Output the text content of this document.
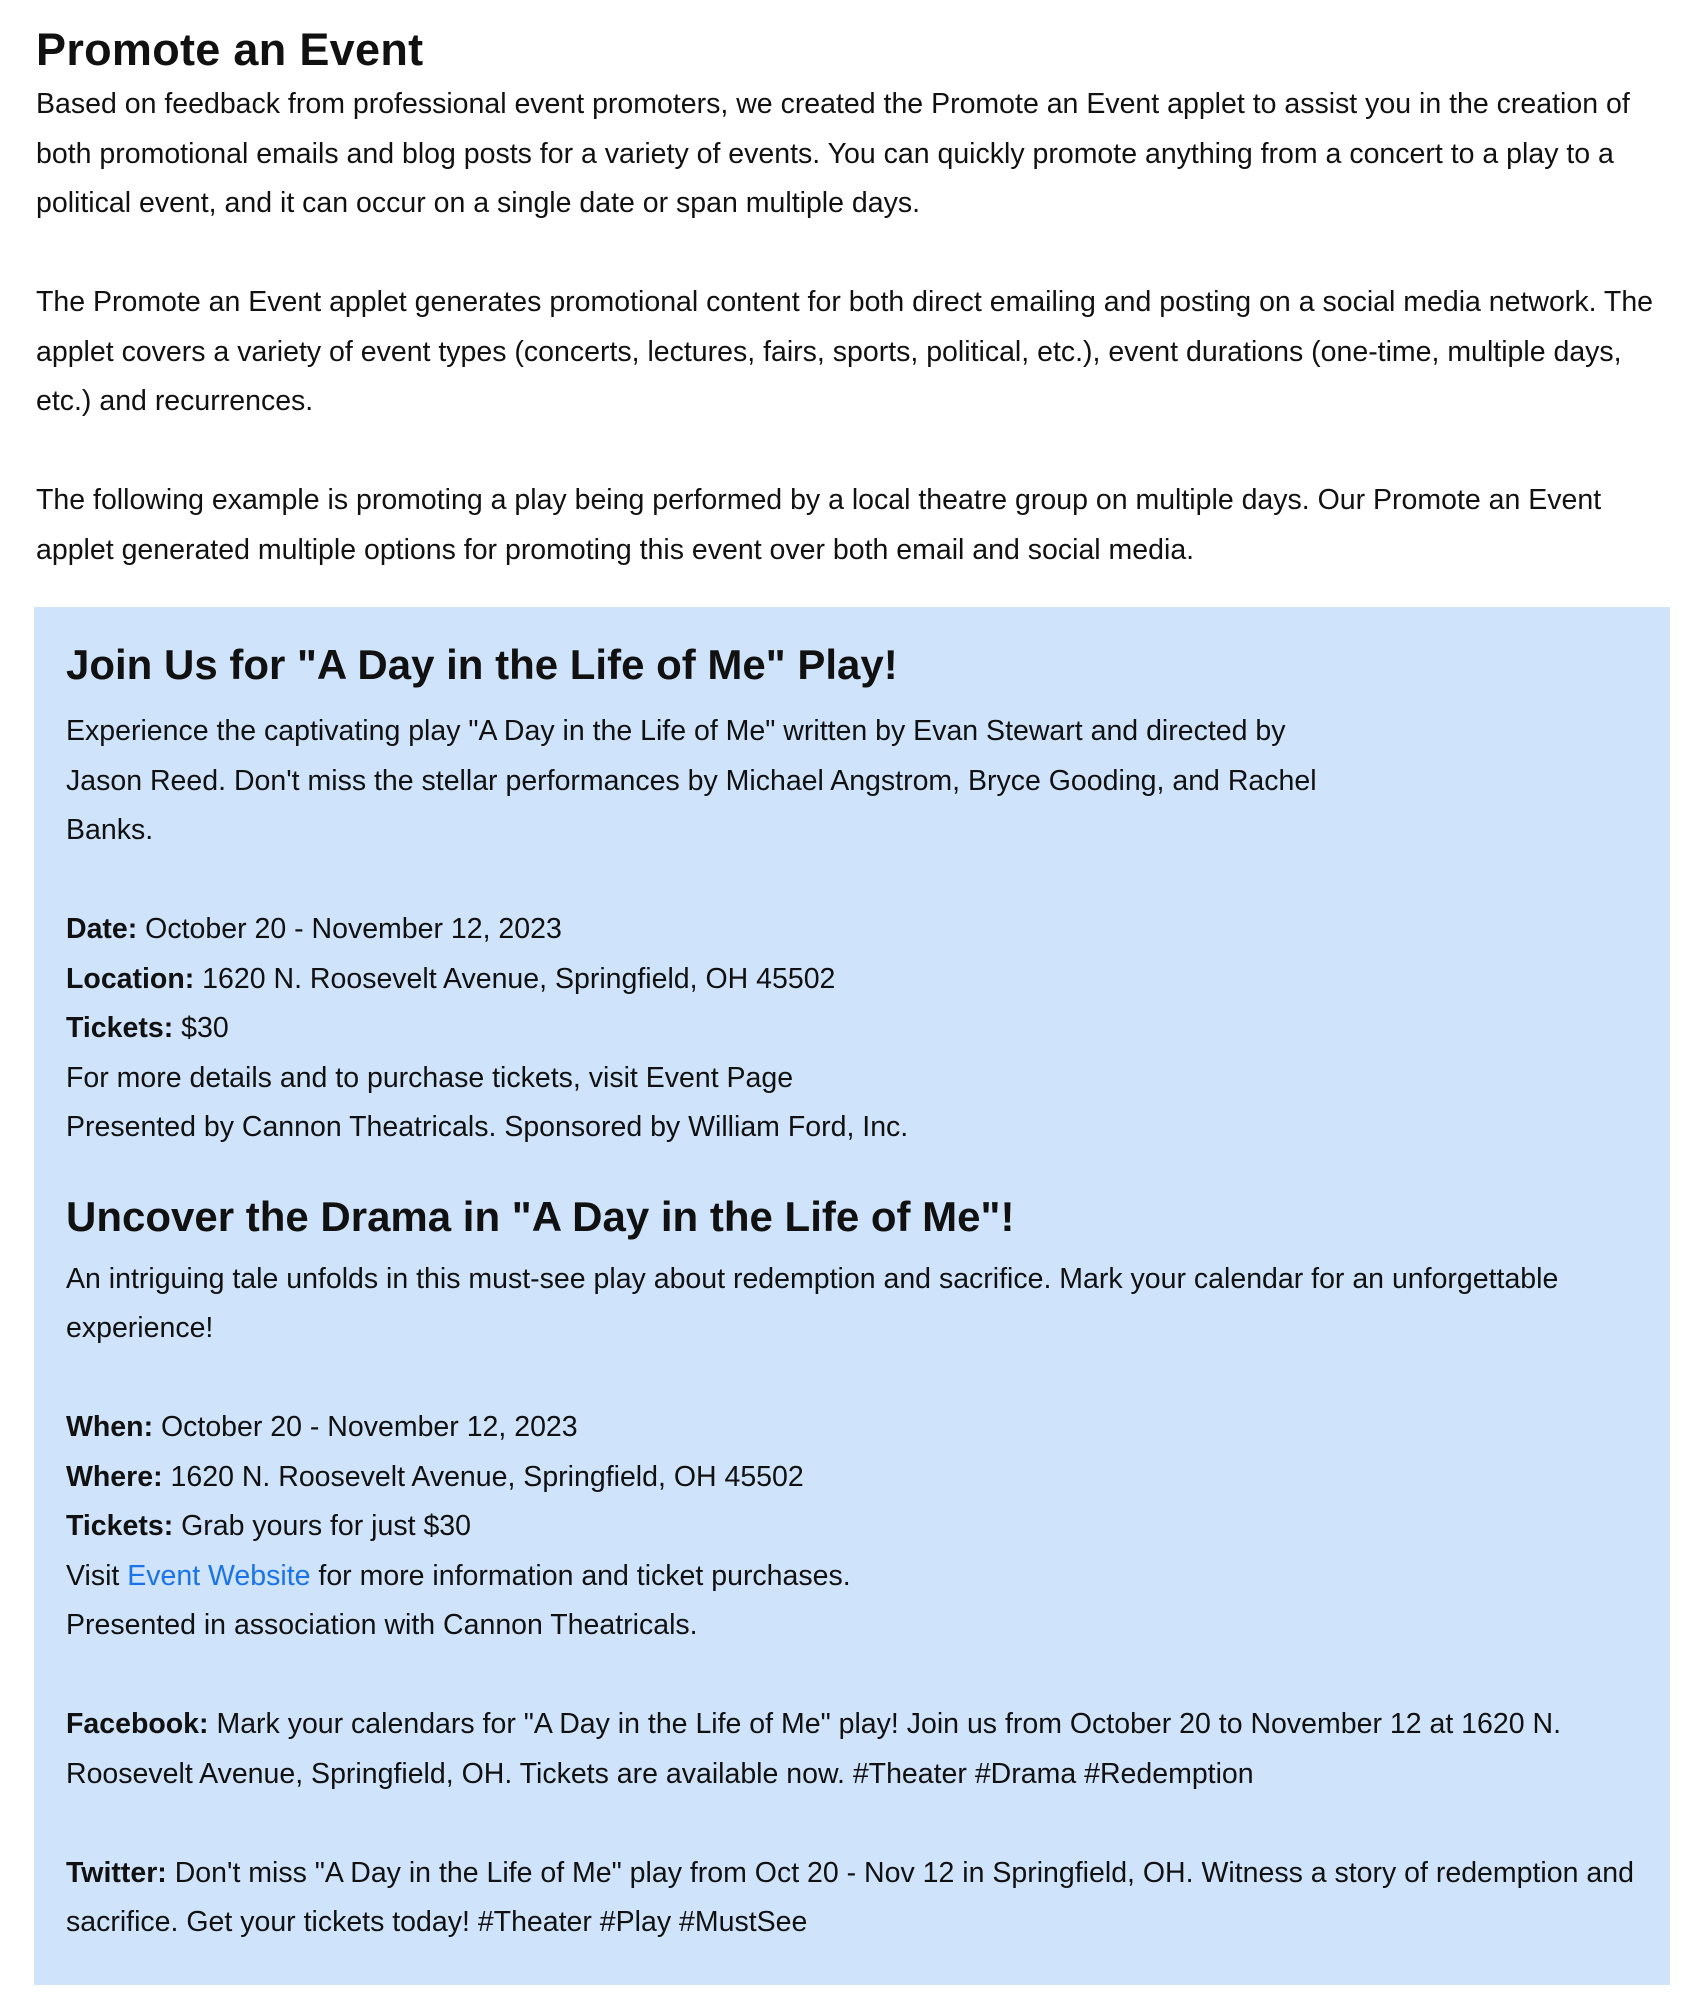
Promote an Event

Based on feedback from professional event promoters, we created the Promote an Event applet to assist you in the creation of both promotional emails and blog posts for a variety of events. You can quickly promote anything from a concert to a play to a political event, and it can occur on a single date or span multiple days.

The Promote an Event applet generates promotional content for both direct emailing and posting on a social media network. The applet covers a variety of event types (concerts, lectures, fairs, sports, political, etc.), event durations (one-time, multiple days, etc.) and recurrences.

The following example is promoting a play being performed by a local theatre group on multiple days. Our Promote an Event applet generated multiple options for promoting this event over both email and social media.

Join Us for "A Day in the Life of Me" Play!

Experience the captivating play "A Day in the Life of Me" written by Evan Stewart and directed by Jason Reed. Don't miss the stellar performances by Michael Angstrom, Bryce Gooding, and Rachel Banks.

Date: October 20 - November 12, 2023

Location: 1620 N. Roosevelt Avenue, Springfield, OH 45502

Tickets: $30

For more details and to purchase tickets, visit Event Page

Presented by Cannon Theatricals. Sponsored by William Ford, Inc.

Uncover the Drama in "A Day in the Life of Me"!

An intriguing tale unfolds in this must-see play about redemption and sacrifice. Mark your calendar for an unforgettable experience!

When: October 20 - November 12, 2023

Where: 1620 N. Roosevelt Avenue, Springfield, OH 45502

Tickets: Grab yours for just $30

Visit Event Website for more information and ticket purchases.

Presented in association with Cannon Theatricals.

Facebook: Mark your calendars for "A Day in the Life of Me" play! Join us from October 20 to November 12 at 1620 N. Roosevelt Avenue, Springfield, OH. Tickets are available now. #Theater #Drama #Redemption

Twitter: Don't miss "A Day in the Life of Me" play from Oct 20 - Nov 12 in Springfield, OH. Witness a story of redemption and sacrifice. Get your tickets today! #Theater #Play #MustSee
